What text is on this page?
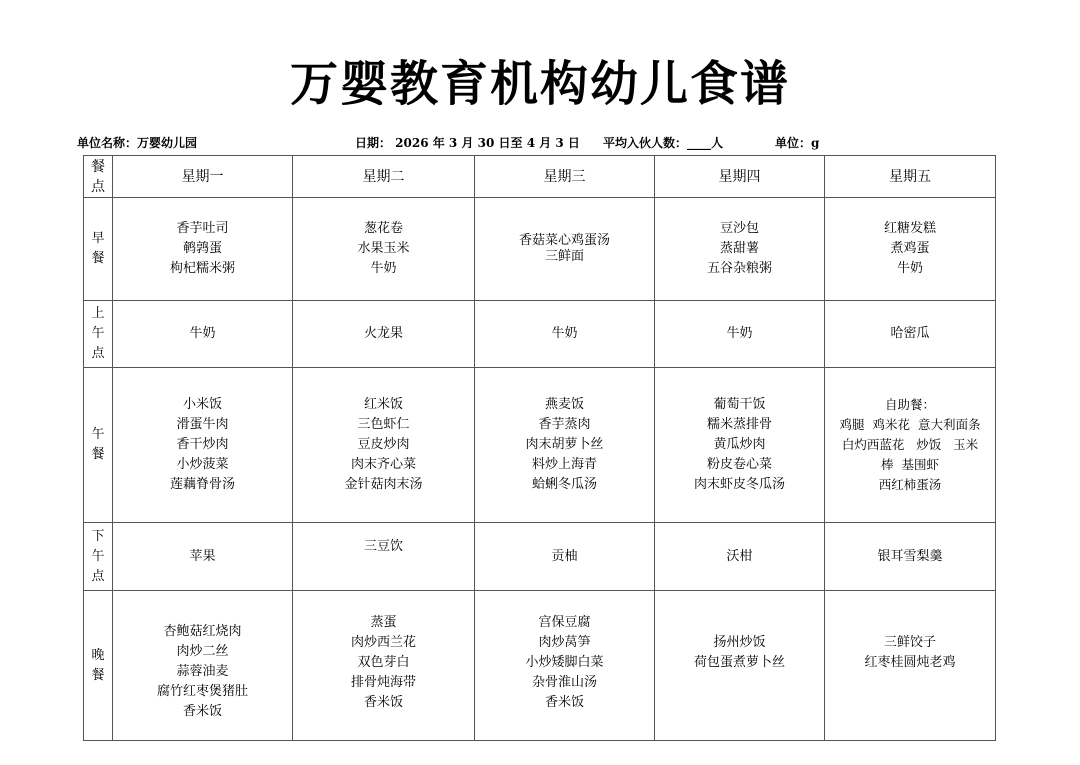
万婴教育机构幼儿食谱
单位名称：万婴幼儿园	日期： 2026 年 3 月 30 日至 4 月 3 日 平均入伙人数：____人	单位：g
餐
点	星期一	星期二	星期三	星期四	星期五

早
餐	香芋吐司
鹌鹑蛋
枸杞糯米粥	葱花卷
水果玉米
牛奶	香菇菜心鸡蛋汤
三鲜面	豆沙包
蒸甜薯
五谷杂粮粥	红糖发糕
煮鸡蛋
牛奶

上
午
点	牛奶	火龙果	牛奶	牛奶	哈密瓜

午
餐	小米饭
滑蛋牛肉
香干炒肉
小炒菠菜
莲藕脊骨汤	红米饭
三色虾仁
豆皮炒肉
肉末齐心菜
金针菇肉末汤	燕麦饭
香芋蒸肉
肉末胡萝卜丝
料炒上海青
蛤蜊冬瓜汤	葡萄干饭
糯米蒸排骨
黄瓜炒肉
粉皮卷心菜
肉末虾皮冬瓜汤	自助餐：
鸡腿  鸡米花  意大利面条
白灼西蓝花   炒饭   玉米
棒  基围虾
西红柿蛋汤

下
午
点	苹果	三豆饮	贡柚	沃柑	银耳雪梨羹

晚
餐	杏鲍菇红烧肉
肉炒二丝
蒜蓉油麦
腐竹红枣煲猪肚
香米饭	蒸蛋
肉炒西兰花
双色芽白
排骨炖海带
香米饭	宫保豆腐
肉炒莴笋
小炒矮脚白菜
杂骨淮山汤
香米饭	扬州炒饭
荷包蛋煮萝卜丝	三鲜饺子
红枣桂圆炖老鸡
